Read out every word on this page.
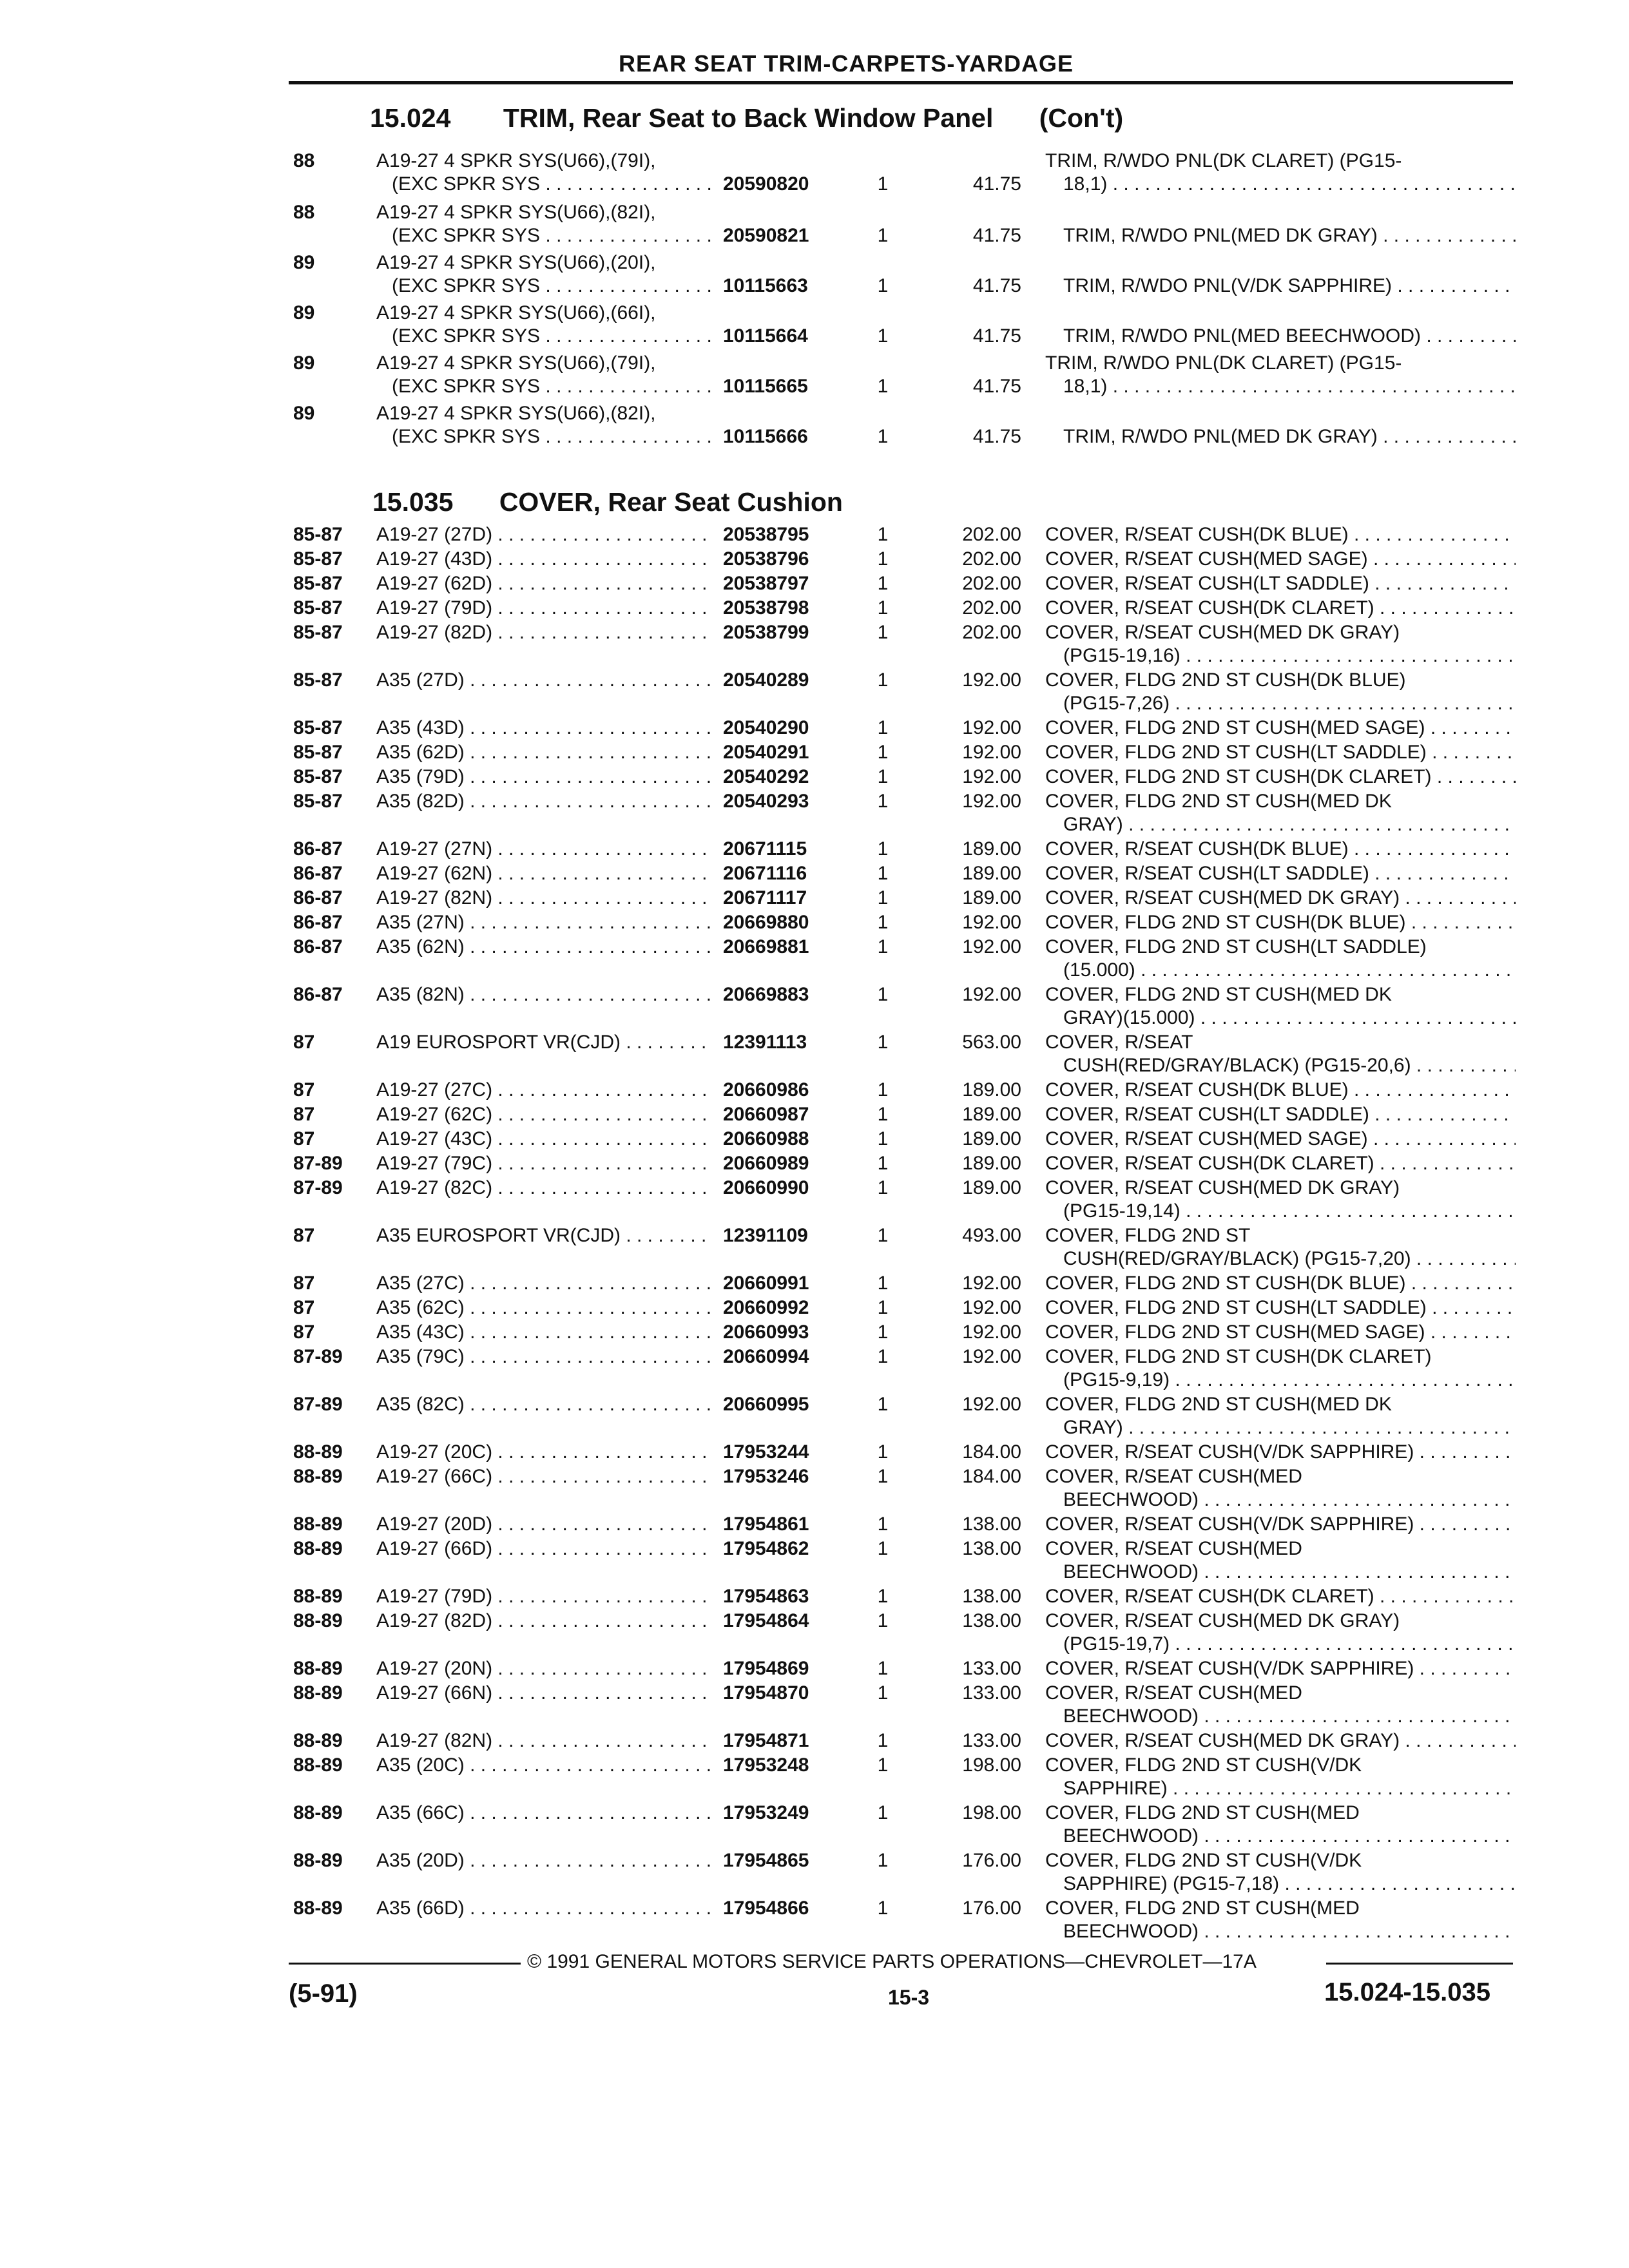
REAR SEAT TRIM-CARPETS-YARDAGE
15.024 TRIM, Rear Seat to Back Window Panel (Con't)
15.035 COVER, Rear Seat Cushion
88	A19-27 4 SPKR SYS(U66),(79I),
(EXC SPKR SYS . . .	20590820	1	41.75
TRIM, R/WDO PNL(DK CLARET) (PG15-
18,1) . . .
88	A19-27 4 SPKR SYS(U66),(82I),
(EXC SPKR SYS . . .	20590821	1	41.75	TRIM, R/WDO PNL(MED DK GRAY) . . .
89	A19-27 4 SPKR SYS(U66),(20I),
(EXC SPKR SYS . . .	10115663	1	41.75	TRIM, R/WDO PNL(V/DK SAPPHIRE) . . .
89	A19-27 4 SPKR SYS(U66),(66I),
(EXC SPKR SYS . . .	10115664	1	41.75	TRIM, R/WDO PNL(MED BEECHWOOD) . . .
89	A19-27 4 SPKR SYS(U66),(79I),
(EXC SPKR SYS . . .	10115665	1	41.75
TRIM, R/WDO PNL(DK CLARET) (PG15-
18,1) . . .
89	A19-27 4 SPKR SYS(U66),(82I),
(EXC SPKR SYS . . .	10115666	1	41.75	TRIM, R/WDO PNL(MED DK GRAY) . . .
85-87 A19-27 (27D) . . .	20538795	1	202.00 COVER, R/SEAT CUSH(DK BLUE) . . .
85-87 A19-27 (43D) . . .	20538796	1	202.00 COVER, R/SEAT CUSH(MED SAGE) . . .
85-87 A19-27 (62D) . . .	20538797	1	202.00 COVER, R/SEAT CUSH(LT SADDLE) . . .
85-87 A19-27 (79D) . . .	20538798	1	202.00 COVER, R/SEAT CUSH(DK CLARET) . . .
85-87 A19-27 (82D) . . .	20538799	1	202.00 COVER, R/SEAT CUSH(MED DK GRAY)
(PG15-19,16) . . .
85-87 A35 (27D) . . .	20540289	1	192.00 COVER, FLDG 2ND ST CUSH(DK BLUE)
(PG15-7,26) . . .
85-87 A35 (43D) . . .	20540290	1	192.00 COVER, FLDG 2ND ST CUSH(MED SAGE) . . .
85-87 A35 (62D) . . .	20540291	1	192.00 COVER, FLDG 2ND ST CUSH(LT SADDLE) . . .
85-87 A35 (79D) . . .	20540292	1	192.00 COVER, FLDG 2ND ST CUSH(DK CLARET) . . .
85-87 A35 (82D) . . .	20540293	1	192.00 COVER, FLDG 2ND ST CUSH(MED DK
GRAY) . . .
86-87 A19-27 (27N) . . .	20671115	1	189.00 COVER, R/SEAT CUSH(DK BLUE) . . .
86-87 A19-27 (62N) . . .	20671116	1	189.00 COVER, R/SEAT CUSH(LT SADDLE) . . .
86-87 A19-27 (82N) . . .	20671117	1	189.00 COVER, R/SEAT CUSH(MED DK GRAY) . . .
86-87 A35 (27N) . . .	20669880	1	192.00 COVER, FLDG 2ND ST CUSH(DK BLUE) . . .
86-87 A35 (62N) . . .	20669881	1	192.00 COVER, FLDG 2ND ST CUSH(LT SADDLE)
(15.000) . . .
86-87 A35 (82N) . . .	20669883	1	192.00 COVER, FLDG 2ND ST CUSH(MED DK
GRAY)(15.000) . . .
87	A19 EUROSPORT VR(CJD) . . .	12391113	1	563.00 COVER, R/SEAT
CUSH(RED/GRAY/BLACK) (PG15-20,6) . . .
87	A19-27 (27C) . . .	20660986	1	189.00 COVER, R/SEAT CUSH(DK BLUE) . . .
87	A19-27 (62C) . . .	20660987	1	189.00 COVER, R/SEAT CUSH(LT SADDLE) . . .
87	A19-27 (43C) . . .	20660988	1	189.00 COVER, R/SEAT CUSH(MED SAGE) . . .
87-89 A19-27 (79C) . . .	20660989	1	189.00 COVER, R/SEAT CUSH(DK CLARET) . . .
87-89 A19-27 (82C) . . .	20660990	1	189.00 COVER, R/SEAT CUSH(MED DK GRAY)
(PG15-19,14) . . .
87	A35 EUROSPORT VR(CJD) . . .	12391109	1	493.00 COVER, FLDG 2ND ST
CUSH(RED/GRAY/BLACK) (PG15-7,20) . . .
87	A35 (27C) . . .	20660991	1	192.00 COVER, FLDG 2ND ST CUSH(DK BLUE) . . .
87	A35 (62C) . . .	20660992	1	192.00 COVER, FLDG 2ND ST CUSH(LT SADDLE) . . .
87	A35 (43C) . . .	20660993	1	192.00 COVER, FLDG 2ND ST CUSH(MED SAGE) . . .
87-89 A35 (79C) . . .	20660994	1	192.00 COVER, FLDG 2ND ST CUSH(DK CLARET)
(PG15-9,19) . . .
87-89 A35 (82C) . . .	20660995	1	192.00 COVER, FLDG 2ND ST CUSH(MED DK
GRAY) . . .
88-89 A19-27 (20C) . . .	17953244	1	184.00 COVER, R/SEAT CUSH(V/DK SAPPHIRE) . . .
88-89 A19-27 (66C) . . .	17953246	1	184.00 COVER, R/SEAT CUSH(MED
BEECHWOOD) . . .
88-89 A19-27 (20D) . . .	17954861	1	138.00 COVER, R/SEAT CUSH(V/DK SAPPHIRE) . . .
88-89 A19-27 (66D) . . .	17954862	1	138.00 COVER, R/SEAT CUSH(MED
BEECHWOOD) . . .
88-89 A19-27 (79D) . . .	17954863	1	138.00 COVER, R/SEAT CUSH(DK CLARET) . . .
88-89 A19-27 (82D) . . .	17954864	1	138.00 COVER, R/SEAT CUSH(MED DK GRAY)
(PG15-19,7) . . .
88-89 A19-27 (20N) . . .	17954869	1	133.00 COVER, R/SEAT CUSH(V/DK SAPPHIRE) . . .
88-89 A19-27 (66N) . . .	17954870	1	133.00 COVER, R/SEAT CUSH(MED
BEECHWOOD) . . .
88-89 A19-27 (82N) . . .	17954871	1	133.00 COVER, R/SEAT CUSH(MED DK GRAY) . . .
88-89 A35 (20C) . . .	17953248	1	198.00 COVER, FLDG 2ND ST CUSH(V/DK
SAPPHIRE) . . .
88-89 A35 (66C) . . .	17953249	1	198.00 COVER, FLDG 2ND ST CUSH(MED
BEECHWOOD) . . .
88-89 A35 (20D) . . .	17954865	1	176.00 COVER, FLDG 2ND ST CUSH(V/DK
SAPPHIRE) (PG15-7,18) . . .
88-89 A35 (66D) . . .	17954866	1	176.00 COVER, FLDG 2ND ST CUSH(MED
BEECHWOOD) . . .
© 1991 GENERAL MOTORS SERVICE PARTS OPERATIONS—CHEVROLET—17A
(5-91)	15-3	15.024-15.035
